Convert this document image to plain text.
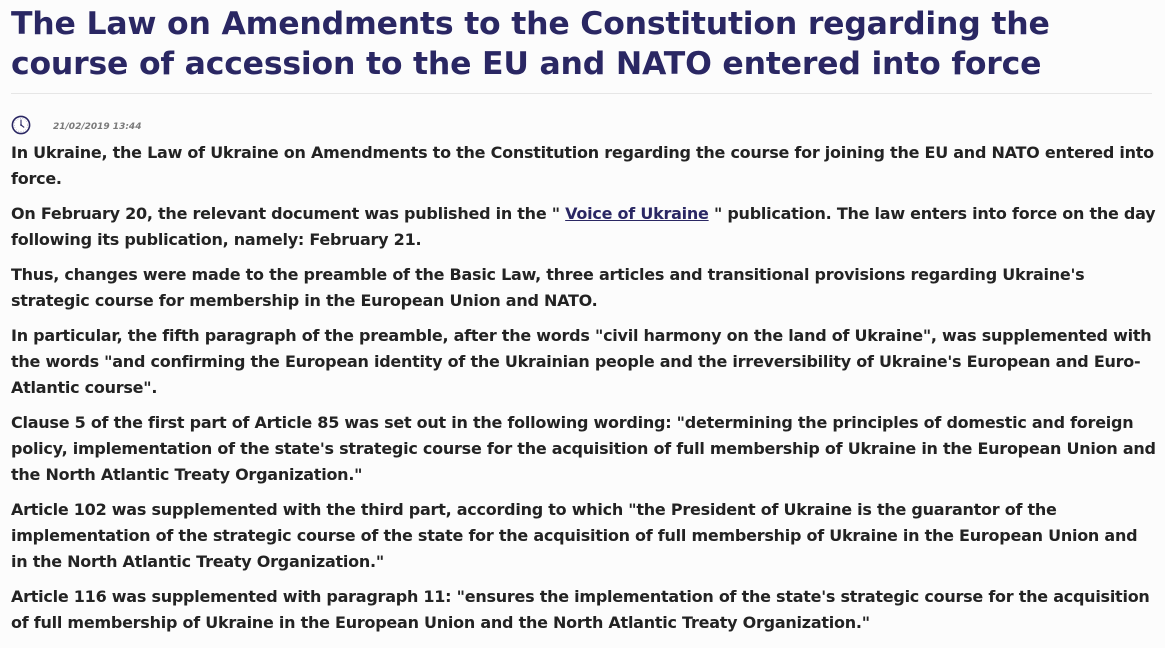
The Law on Amendments to the Constitution regarding the course of accession to the EU and NATO entered into force
21/02/2019 13:44

In Ukraine, the Law of Ukraine on Amendments to the Constitution regarding the course for joining the EU and NATO entered into force.

On February 20, the relevant document was published in the " Voice of Ukraine " publication. The law enters into force on the day following its publication, namely: February 21.

Thus, changes were made to the preamble of the Basic Law, three articles and transitional provisions regarding Ukraine's strategic course for membership in the European Union and NATO.

In particular, the fifth paragraph of the preamble, after the words "civil harmony on the land of Ukraine", was supplemented with the words "and confirming the European identity of the Ukrainian people and the irreversibility of Ukraine's European and Euro-Atlantic course".

Clause 5 of the first part of Article 85 was set out in the following wording: "determining the principles of domestic and foreign policy, implementation of the state's strategic course for the acquisition of full membership of Ukraine in the European Union and the North Atlantic Treaty Organization."

Article 102 was supplemented with the third part, according to which "the President of Ukraine is the guarantor of the implementation of the strategic course of the state for the acquisition of full membership of Ukraine in the European Union and in the North Atlantic Treaty Organization."

Article 116 was supplemented with paragraph 11: "ensures the implementation of the state's strategic course for the acquisition of full membership of Ukraine in the European Union and the North Atlantic Treaty Organization."
